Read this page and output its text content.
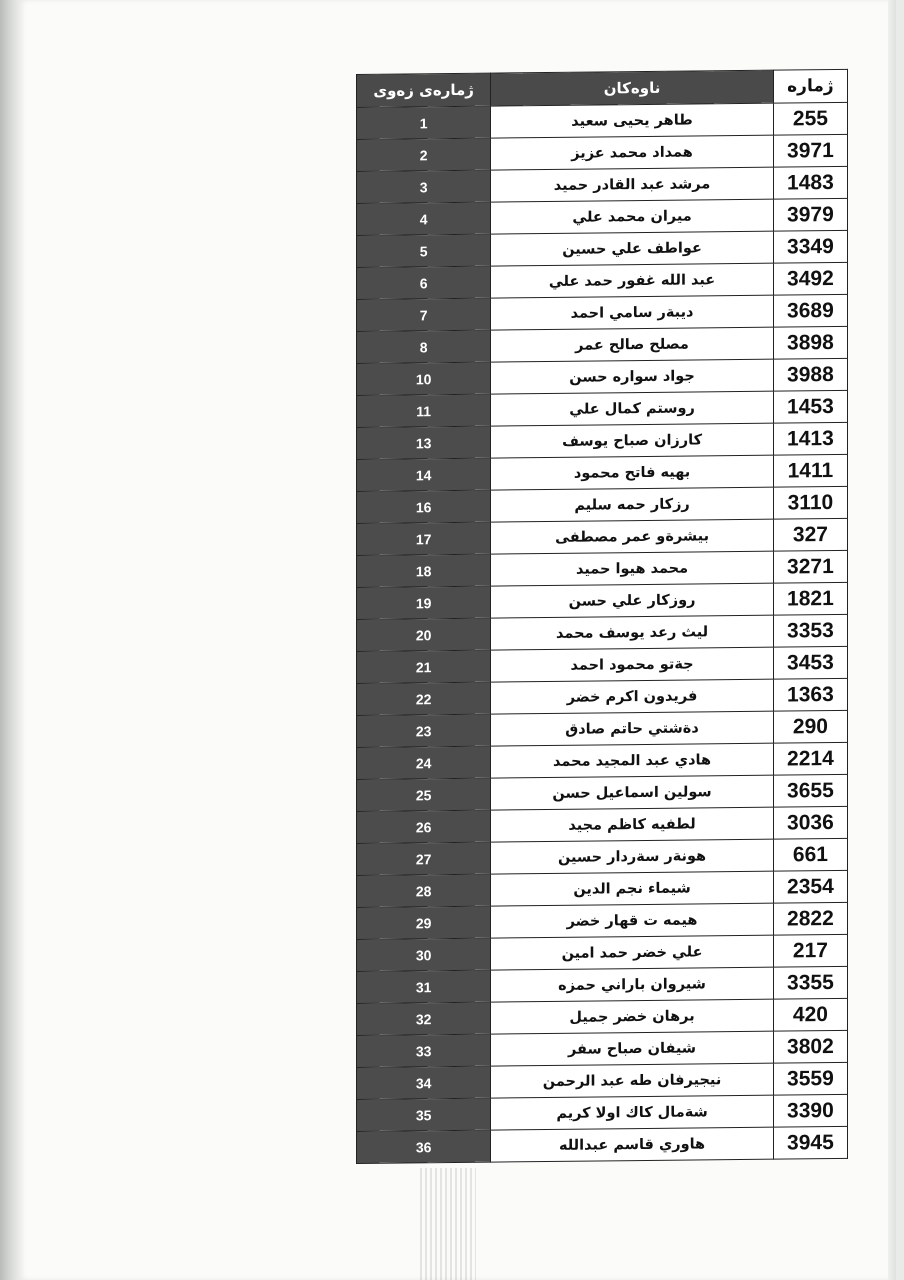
ژمارەی زەوی	ناوەکان	ژمارە
1	طاهر يحيى سعيد	255
2	همداد محمد عزيز	3971
3	مرشد عبد القادر حميد	1483
4	ميران محمد علي	3979
5	عواطف علي حسين	3349
6	عبد الله غفور حمد علي	3492
7	ديبةر سامي احمد	3689
8	مصلح صالح عمر	3898
10	جواد سواره حسن	3988
11	روستم كمال علي	1453
13	كارزان صباح يوسف	1413
14	بهيه فاتح محمود	1411
16	رزكار حمه سليم	3110
17	بيشرةو عمر مصطفى	327
18	محمد هيوا حميد	3271
19	روزكار علي حسن	1821
20	ليث رعد يوسف محمد	3353
21	جةتو محمود احمد	3453
22	فريدون اكرم خضر	1363
23	دةشتي حاتم صادق	290
24	هادي عبد المجيد محمد	2214
25	سولين اسماعيل حسن	3655
26	لطفيه كاظم مجيد	3036
27	هونةر سةردار حسين	661
28	شيماء نجم الدين	2354
29	هيمه ت قهار خضر	2822
30	علي خضر حمد امين	217
31	شيروان باراني حمزه	3355
32	برهان خضر جميل	420
33	شيفان صباح سفر	3802
34	نيجيرفان طه عبد الرحمن	3559
35	شةمال كاك اولا كريم	3390
36	هاوري قاسم عبدالله	3945
